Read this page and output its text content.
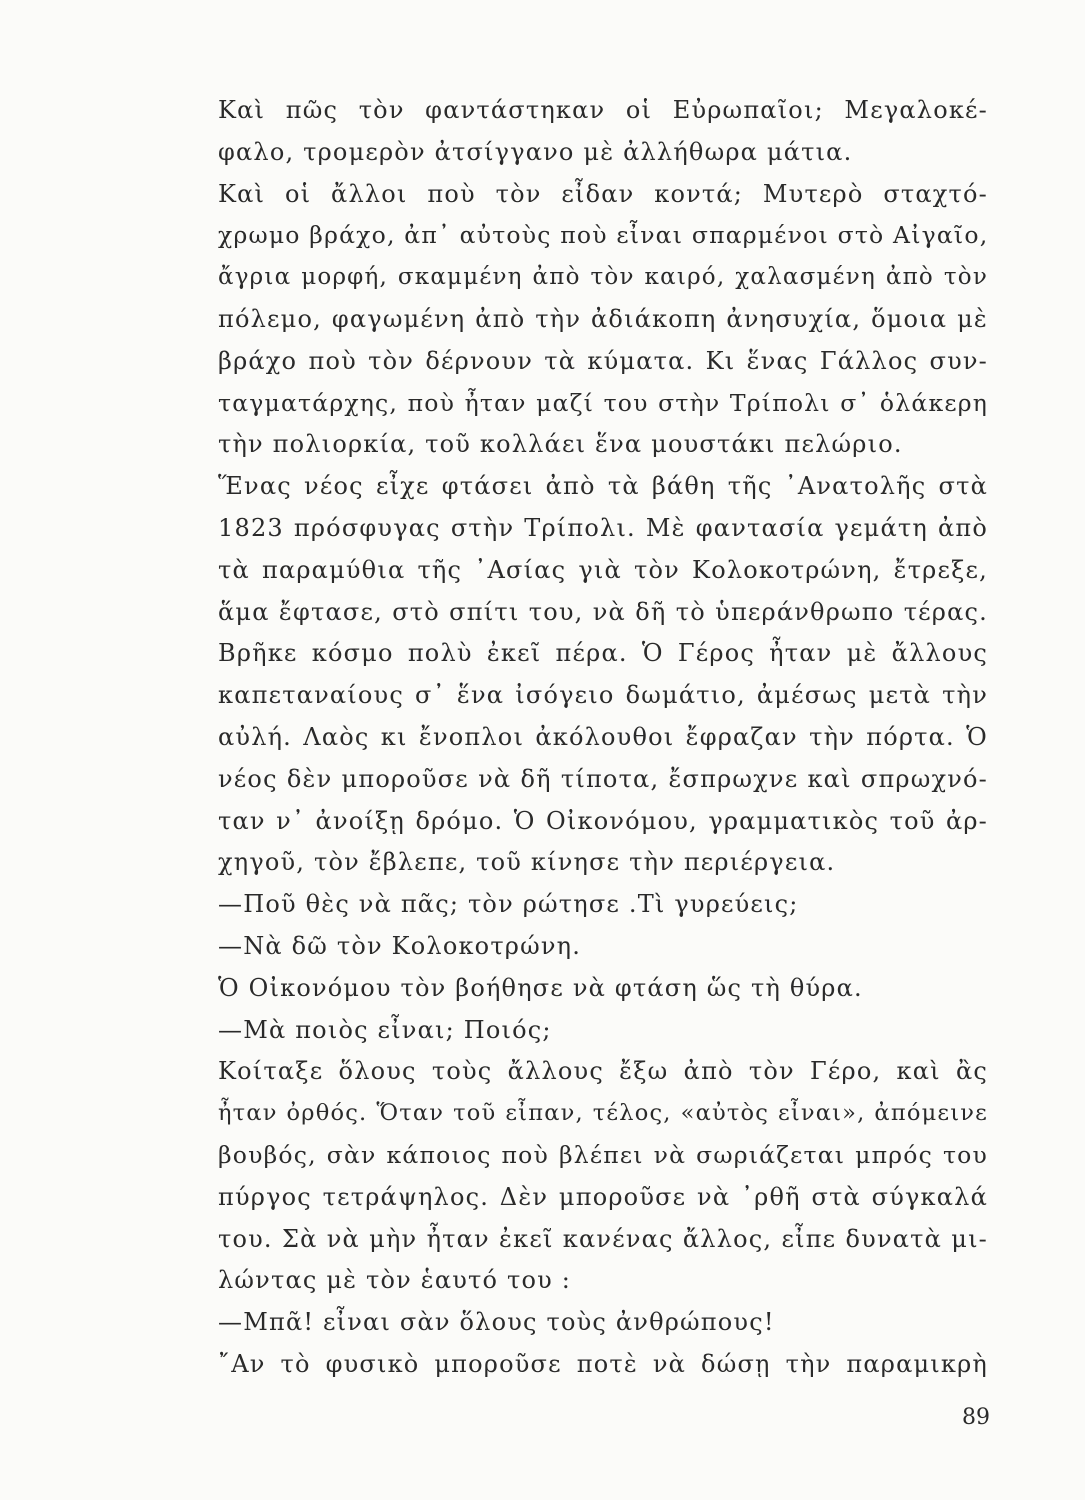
Καὶ πῶς τὸν φαντάστηκαν οἱ Εὐρωπαῖοι; Μεγαλοκέ-
φαλο, τρομερὸν ἀτσίγγανο μὲ ἀλλήθωρα μάτια.
Καὶ οἱ ἄλλοι ποὺ τὸν εἶδαν κοντά; Μυτερὸ σταχτό-
χρωμο βράχο, ἀπ᾽ αὐτοὺς ποὺ εἶναι σπαρμένοι στὸ Αἰγαῖο,
ἄγρια μορφή, σκαμμένη ἀπὸ τὸν καιρό, χαλασμένη ἀπὸ τὸν
πόλεμο, φαγωμένη ἀπὸ τὴν ἀδιάκοπη ἀνησυχία, ὅμοια μὲ
βράχο ποὺ τὸν δέρνουν τὰ κύματα. Κι ἕνας Γάλλος συν-
ταγματάρχης, ποὺ ἦταν μαζί του στὴν Τρίπολι σ᾽ ὁλάκερη
τὴν πολιορκία, τοῦ κολλάει ἕνα μουστάκι πελώριο.
Ἕνας νέος εἶχε φτάσει ἀπὸ τὰ βάθη τῆς ᾽Ανατολῆς στὰ
1823 πρόσφυγας στὴν Τρίπολι. Μὲ φαντασία γεμάτη ἀπὸ
τὰ παραμύθια τῆς ᾽Ασίας γιὰ τὸν Κολοκοτρώνη, ἔτρεξε,
ἅμα ἔφτασε, στὸ σπίτι του, νὰ δῆ τὸ ὑπεράνθρωπο τέρας.
Βρῆκε κόσμο πολὺ ἐκεῖ πέρα. Ὁ Γέρος ἦταν μὲ ἄλλους
καπεταναίους σ᾽ ἕνα ἰσόγειο δωμάτιο, ἀμέσως μετὰ τὴν
αὐλή. Λαὸς κι ἔνοπλοι ἀκόλουθοι ἔφραζαν τὴν πόρτα. Ὁ
νέος δὲν μποροῦσε νὰ δῆ τίποτα, ἔσπρωχνε καὶ σπρωχνό-
ταν ν᾽ ἀνοίξῃ δρόμο. Ὁ Οἰκονόμου, γραμματικὸς τοῦ ἀρ-
χηγοῦ, τὸν ἔβλεπε, τοῦ κίνησε τὴν περιέργεια.
—Ποῦ θὲς νὰ πᾶς; τὸν ρώτησε .Τὶ γυρεύεις;
—Νὰ δῶ τὸν Κολοκοτρώνη.
Ὁ Οἰκονόμου τὸν βοήθησε νὰ φτάση ὥς τὴ θύρα.
—Μὰ ποιὸς εἶναι; Ποιός;
Κοίταξε ὅλους τοὺς ἄλλους ἔξω ἀπὸ τὸν Γέρο, καὶ ἂς
ἦταν ὀρθός. Ὅταν τοῦ εἶπαν, τέλος, «αὐτὸς εἶναι», ἀπόμεινε
βουβός, σὰν κάποιος ποὺ βλέπει νὰ σωριάζεται μπρός του
πύργος τετράψηλος. Δὲν μποροῦσε νὰ ᾽ρθῆ στὰ σύγκαλά
του. Σὰ νὰ μὴν ἦταν ἐκεῖ κανένας ἄλλος, εἶπε δυνατὰ μι-
λώντας μὲ τὸν ἑαυτό του :
—Μπᾶ! εἶναι σὰν ὅλους τοὺς ἀνθρώπους!
῎Αν τὸ φυσικὸ μποροῦσε ποτὲ νὰ δώσῃ τὴν παραμικρὴ
89
